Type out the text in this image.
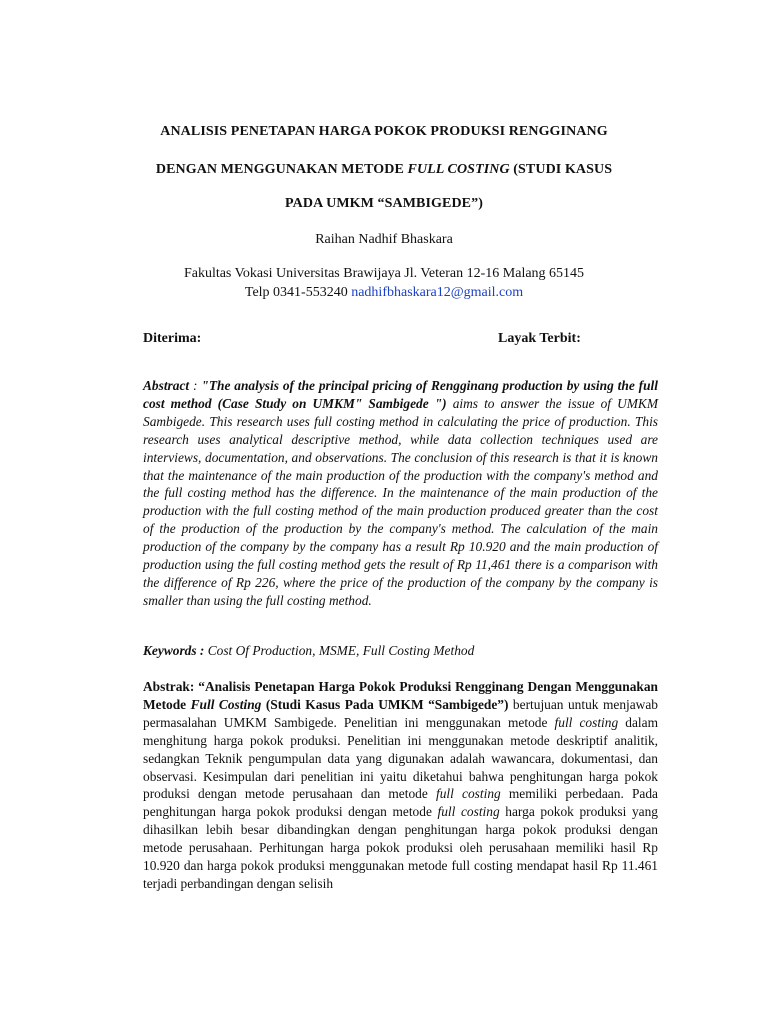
ANALISIS PENETAPAN HARGA POKOK PRODUKSI RENGGINANG
DENGAN MENGGUNAKAN METODE FULL COSTING (STUDI KASUS
PADA UMKM “SAMBIGEDE”)
Raihan Nadhif Bhaskara
Fakultas Vokasi Universitas Brawijaya Jl. Veteran 12-16 Malang 65145
Telp 0341-553240 nadhifbhaskara12@gmail.com
Diterima:	Layak Terbit:

Abstract : "The analysis of the principal pricing of Rengginang production by using the full cost method (Case Study on UMKM" Sambigede ") aims to answer the issue of UMKM Sambigede. This research uses full costing method in calculating the price of production. This research uses analytical descriptive method, while data collection techniques used are interviews, documentation, and observations. The conclusion of this research is that it is known that the maintenance of the main production of the production with the company's method and the full costing method has the difference. In the maintenance of the main production of the production with the full costing method of the main production produced greater than the cost of the production of the production by the company's method. The calculation of the main production of the company by the company has a result Rp 10.920 and the main production of production using the full costing method gets the result of Rp 11,461 there is a comparison with the difference of Rp 226, where the price of the production of the company by the company is smaller than using the full costing method.

Keywords : Cost Of Production, MSME, Full Costing Method

Abstrak: “Analisis Penetapan Harga Pokok Produksi Rengginang Dengan Menggunakan Metode Full Costing (Studi Kasus Pada UMKM “Sambigede”) bertujuan untuk menjawab permasalahan UMKM Sambigede. Penelitian ini menggunakan metode full costing dalam menghitung harga pokok produksi. Penelitian ini menggunakan metode deskriptif analitik, sedangkan Teknik pengumpulan data yang digunakan adalah wawancara, dokumentasi, dan observasi. Kesimpulan dari penelitian ini yaitu diketahui bahwa penghitungan harga pokok produksi dengan metode perusahaan dan metode full costing memiliki perbedaan. Pada penghitungan harga pokok produksi dengan metode full costing harga pokok produksi yang dihasilkan lebih besar dibandingkan dengan penghitungan harga pokok produksi dengan metode perusahaan. Perhitungan harga pokok produksi oleh perusahaan memiliki hasil Rp 10.920 dan harga pokok produksi menggunakan metode full costing mendapat hasil Rp 11.461 terjadi perbandingan dengan selisih
